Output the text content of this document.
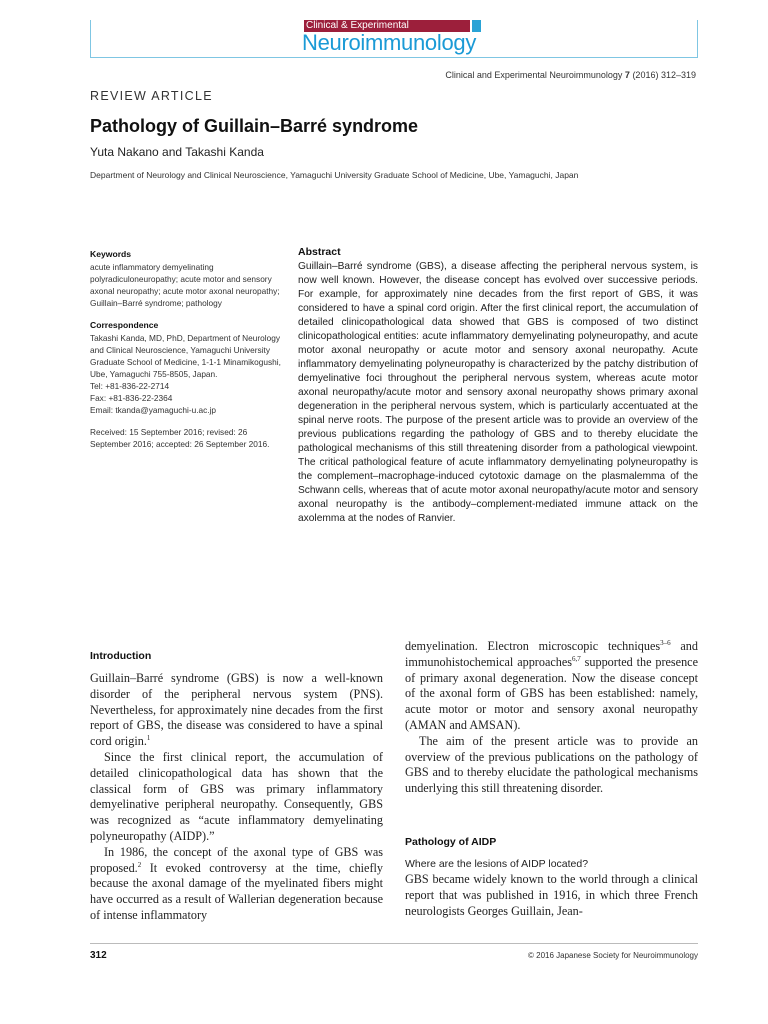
Clinical & Experimental
Neuroimmunology
Clinical and Experimental Neuroimmunology 7 (2016) 312–319
REVIEW ARTICLE
Pathology of Guillain–Barré syndrome
Yuta Nakano and Takashi Kanda
Department of Neurology and Clinical Neuroscience, Yamaguchi University Graduate School of Medicine, Ube, Yamaguchi, Japan
Keywords
acute inflammatory demyelinating polyradiculoneuropathy; acute motor and sensory axonal neuropathy; acute motor axonal neuropathy; Guillain–Barré syndrome; pathology
Correspondence
Takashi Kanda, MD, PhD, Department of Neurology and Clinical Neuroscience, Yamaguchi University Graduate School of Medicine, 1-1-1 Minamikogushi, Ube, Yamaguchi 755-8505, Japan.
Tel: +81-836-22-2714
Fax: +81-836-22-2364
Email: tkanda@yamaguchi-u.ac.jp
Received: 15 September 2016; revised: 26 September 2016; accepted: 26 September 2016.
Abstract
Guillain–Barré syndrome (GBS), a disease affecting the peripheral nervous system, is now well known. However, the disease concept has evolved over successive periods. For example, for approximately nine decades from the first report of GBS, it was considered to have a spinal cord origin. After the first clinical report, the accumulation of detailed clinicopathological data showed that GBS is composed of two distinct clinicopathological entities: acute inflammatory demyelinating polyneuropathy, and acute motor axonal neuropathy or acute motor and sensory axonal neuropathy. Acute inflammatory demyelinating polyneuropathy is characterized by the patchy distribution of demyelinative foci throughout the peripheral nervous system, whereas acute motor axonal neuropathy/acute motor and sensory axonal neuropathy shows primary axonal degeneration in the peripheral nervous system, which is particularly accentuated at the spinal nerve roots. The purpose of the present article was to provide an overview of the previous publications regarding the pathology of GBS and to thereby elucidate the pathological mechanisms of this still threatening disorder from a pathological viewpoint. The critical pathological feature of acute inflammatory demyelinating polyneuropathy is the complement–macrophage-induced cytotoxic damage on the plasmalemma of the Schwann cells, whereas that of acute motor axonal neuropathy/acute motor and sensory axonal neuropathy is the antibody–complement-mediated immune attack on the axolemma at the nodes of Ranvier.
Introduction

Guillain–Barré syndrome (GBS) is now a well-known disorder of the peripheral nervous system (PNS). Nevertheless, for approximately nine decades from the first report of GBS, the disease was considered to have a spinal cord origin.$^1$

Since the first clinical report, the accumulation of detailed clinicopathological data has shown that the classical form of GBS was primary inflammatory demyelinative peripheral neuropathy. Consequently, GBS was recognized as “acute inflammatory demyelinating polyneuropathy (AIDP).”

In 1986, the concept of the axonal type of GBS was proposed.$^2$ It evoked controversy at the time, chiefly because the axonal damage of the myelinated fibers might have occurred as a result of Wallerian degeneration because of intense inflammatory

demyelination. Electron microscopic techniques$^{3-6}$ and immunohistochemical approaches$^{6,7}$ supported the presence of primary axonal degeneration. Now the disease concept of the axonal form of GBS has been established: namely, acute motor or motor and sensory axonal neuropathy (AMAN and AMSAN).

The aim of the present article was to provide an overview of the previous publications on the pathology of GBS and to thereby elucidate the pathological mechanisms underlying this still threatening disorder.

Pathology of AIDP
Where are the lesions of AIDP located?

GBS became widely known to the world through a clinical report that was published in 1916, in which three French neurologists Georges Guillain, Jean-

312	© 2016 Japanese Society for Neuroimmunology
